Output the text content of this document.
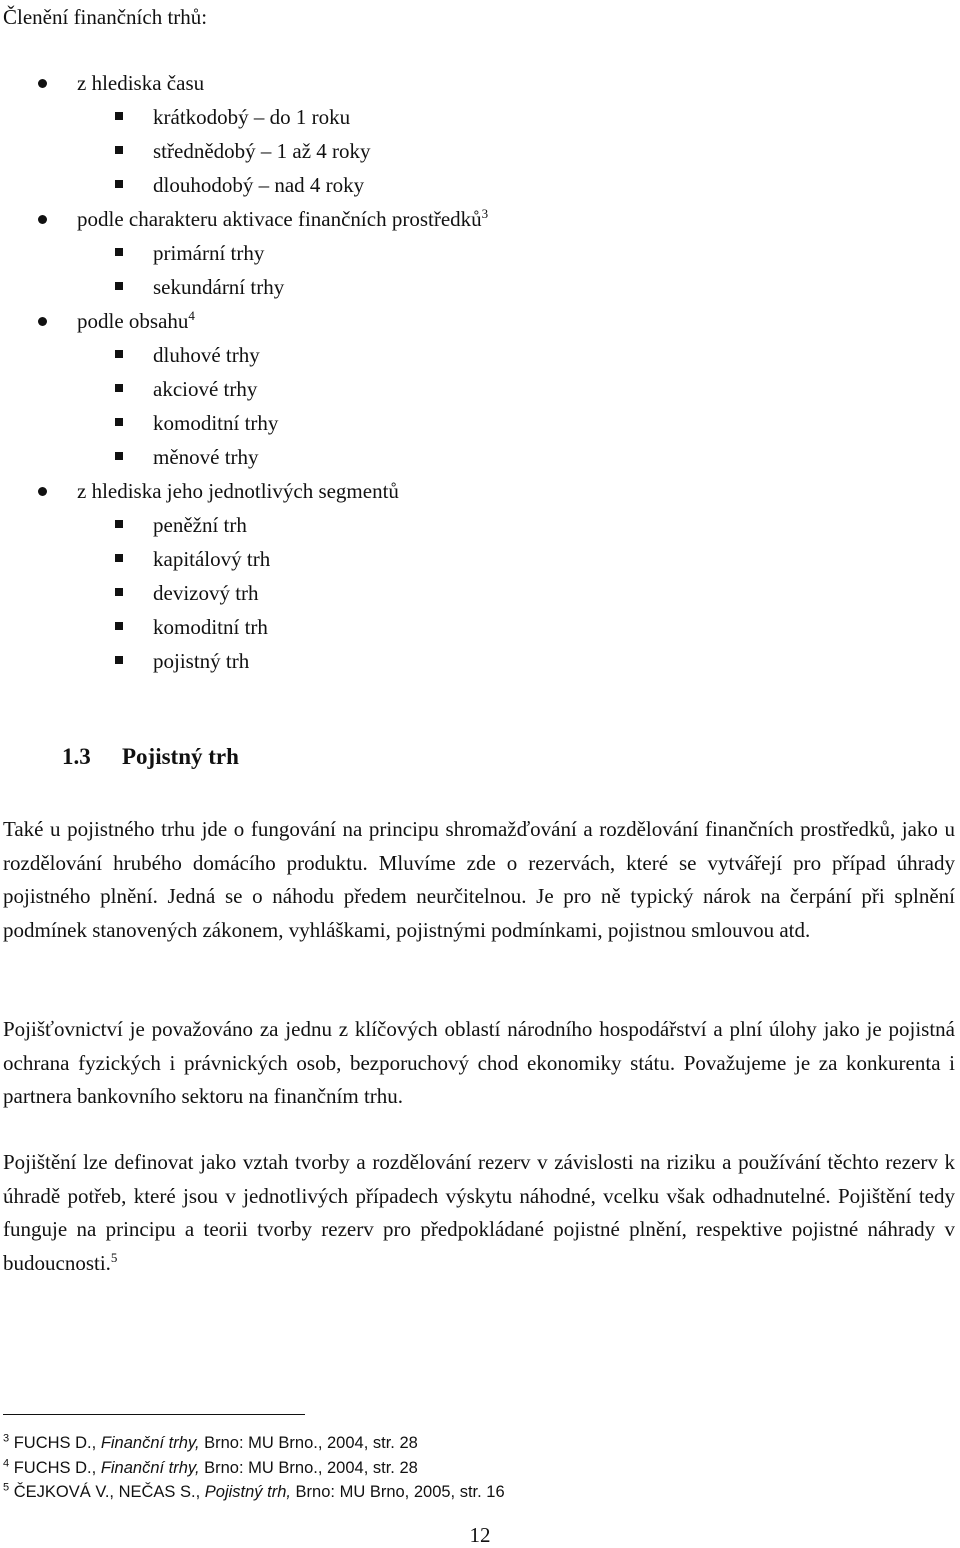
Členění finančních trhů:
z hlediska času
krátkodobý – do 1 roku
střednědobý – 1 až 4 roky
dlouhodobý – nad 4 roky
podle charakteru aktivace finančních prostředků$^3$
primární trhy
sekundární trhy
podle obsahu$^4$
dluhové trhy
akciové trhy
komoditní trhy
měnové trhy
z hlediska jeho jednotlivých segmentů
peněžní trh
kapitálový trh
devizový trh
komoditní trh
pojistný trh
1.3 Pojistný trh
Také u pojistného trhu jde o fungování na principu shromažďování a rozdělování finančních prostředků, jako u rozdělování hrubého domácího produktu. Mluvíme zde o rezervách, které se vytvářejí pro případ úhrady pojistného plnění. Jedná se o náhodu předem neurčitelnou. Je pro ně typický nárok na čerpání při splnění podmínek stanovených zákonem, vyhláškami, pojistnými podmínkami, pojistnou smlouvou atd.
Pojišťovnictví je považováno za jednu z klíčových oblastí národního hospodářství a plní úlohy jako je pojistná ochrana fyzických i právnických osob, bezporuchový chod ekonomiky státu. Považujeme je za konkurenta i partnera bankovního sektoru na finančním trhu.
Pojištění lze definovat jako vztah tvorby a rozdělování rezerv v závislosti na riziku a používání těchto rezerv k úhradě potřeb, které jsou v jednotlivých případech výskytu náhodné, vcelku však odhadnutelné. Pojištění tedy funguje na principu a teorii tvorby rezerv pro předpokládané pojistné plnění, respektive pojistné náhrady v budoucnosti.$^5$
$^3$ FUCHS D., Finanční trhy, Brno: MU Brno., 2004, str. 28
$^4$ FUCHS D., Finanční trhy, Brno: MU Brno., 2004, str. 28
$^5$ ČEJKOVÁ V., NEČAS S., Pojistný trh, Brno: MU Brno, 2005, str. 16
12
